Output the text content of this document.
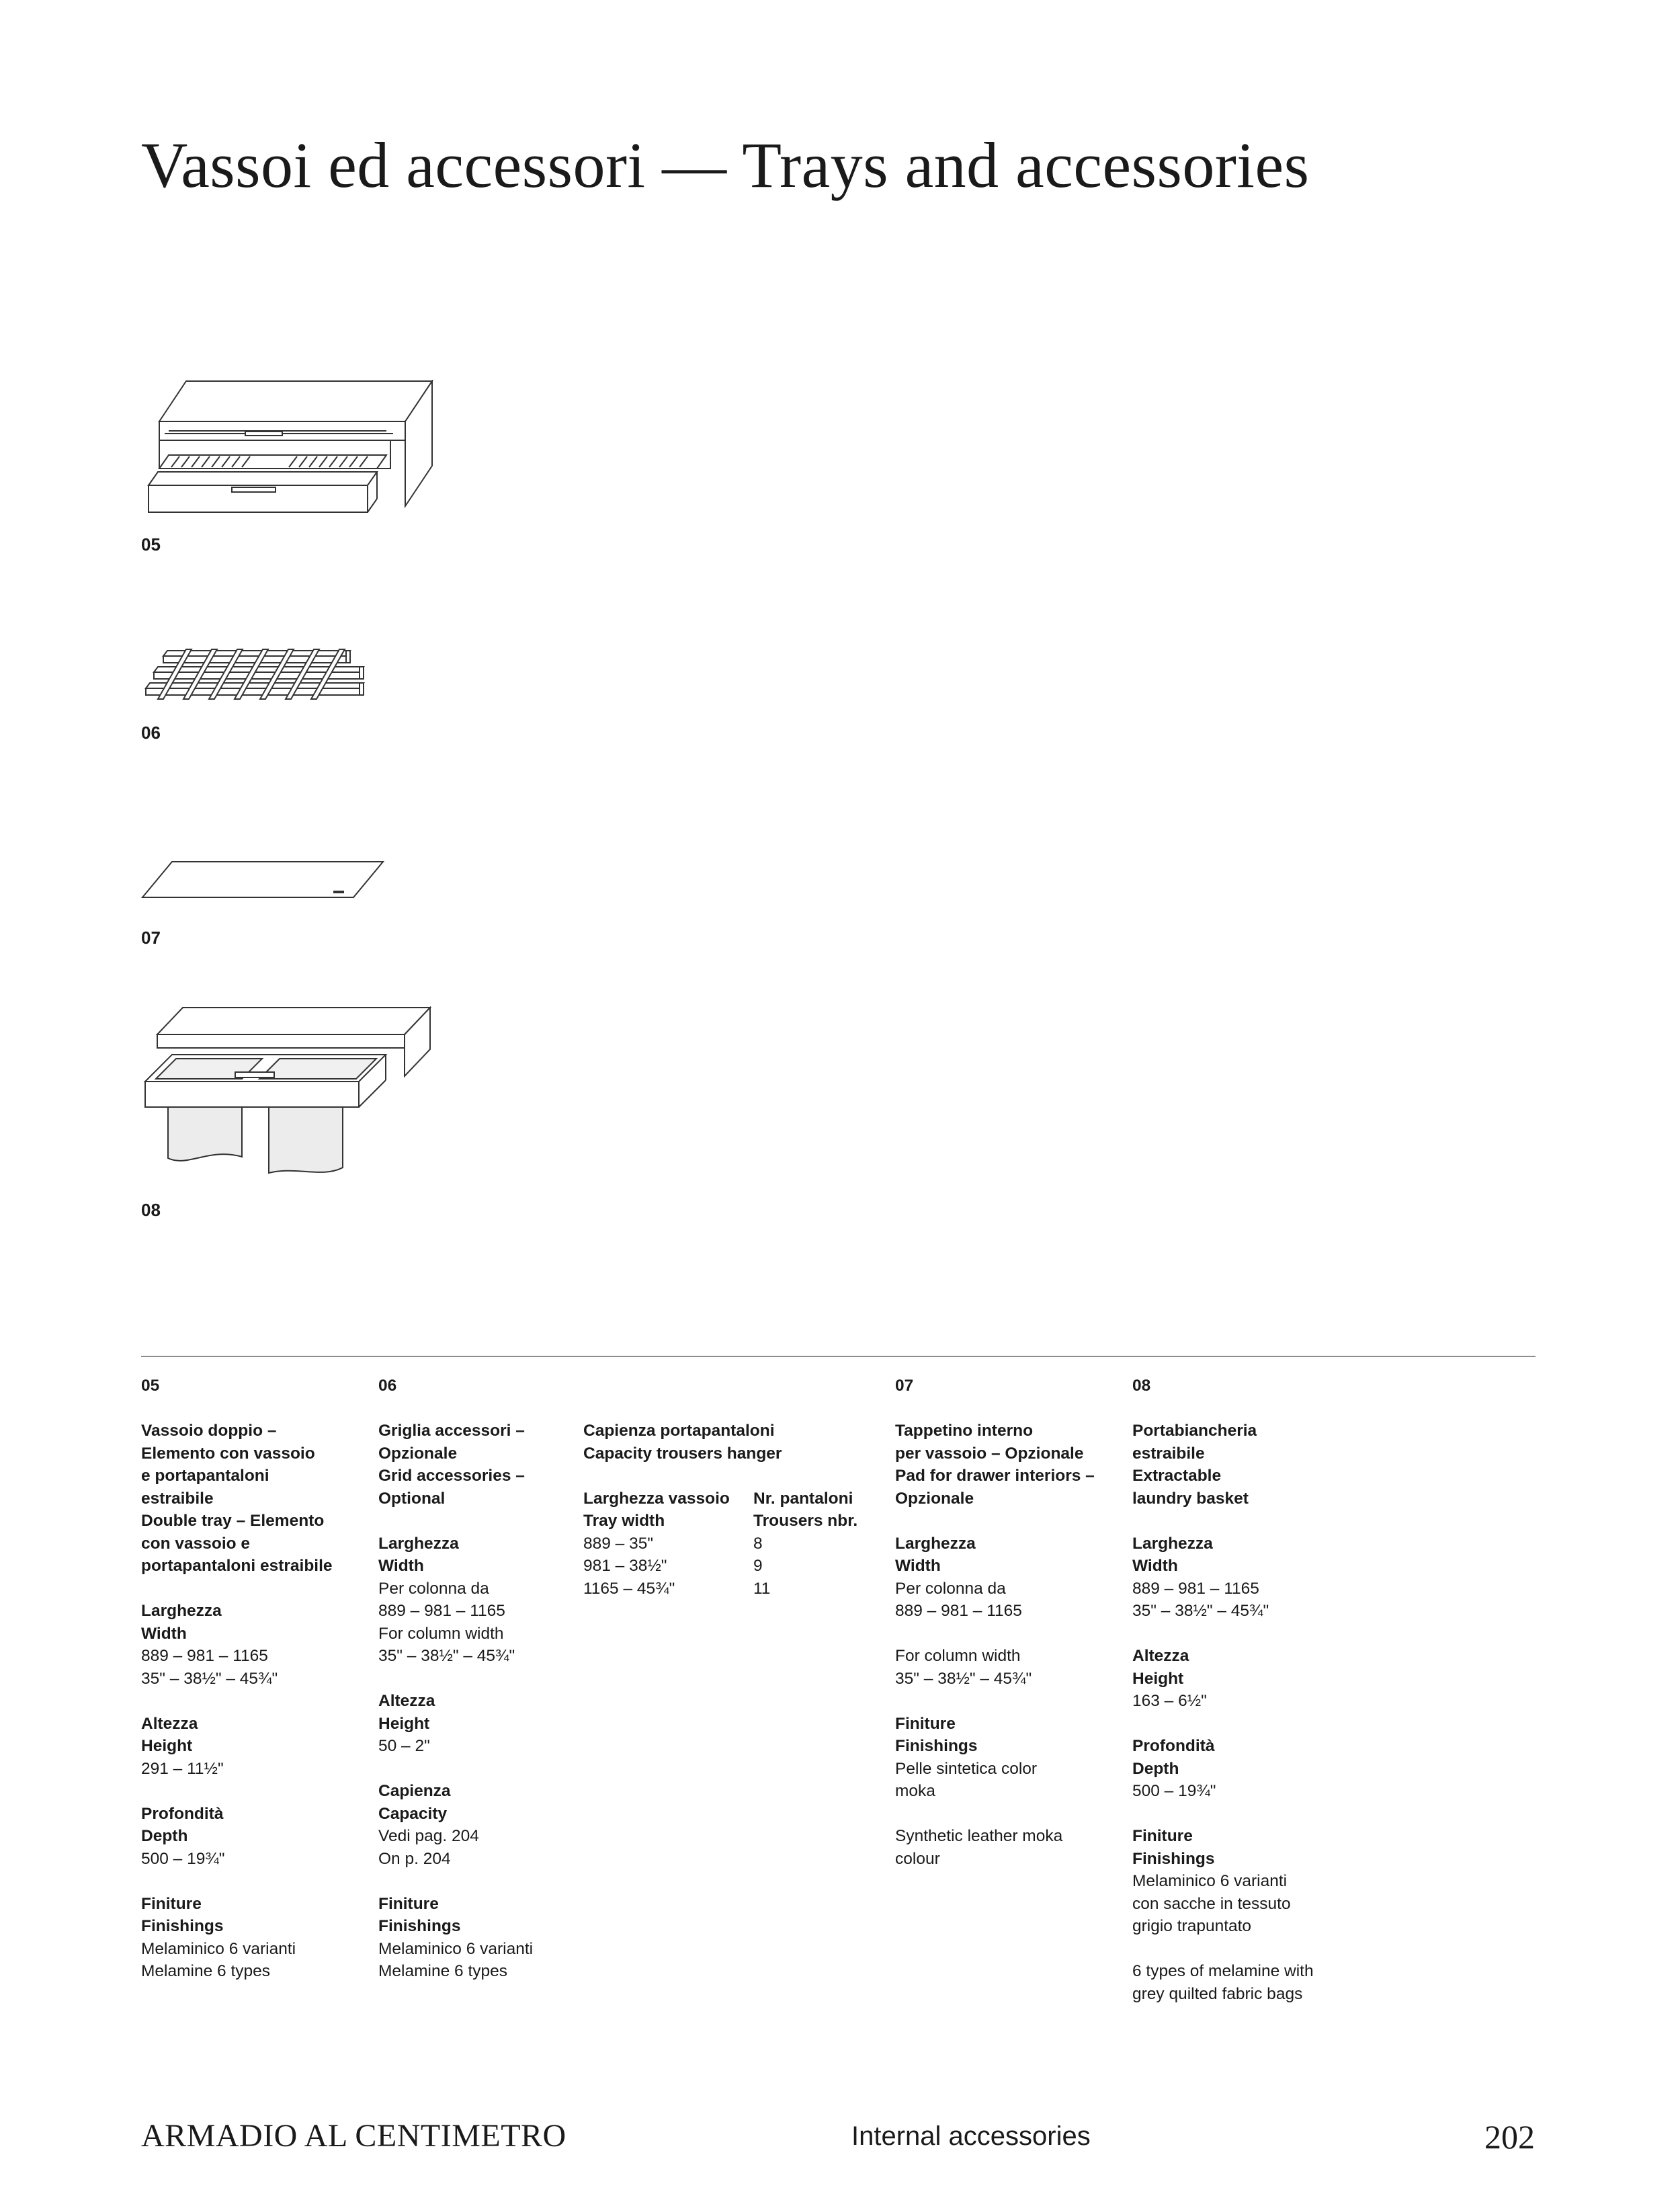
Vassoi ed accessori — Trays and accessories
05
06
07
08

05

Vassoio doppio –

Elemento con vassoio

e portapantaloni

estraibile

Double tray – Elemento

con vassoio e

portapantaloni estraibile

Larghezza

Width

889 – 981 – 1165

35" – 38½" – 45¾"

Altezza

Height

291 – 11½"

Profondità

Depth

500 – 19¾"

Finiture

Finishings

Melaminico 6 varianti

Melamine 6 types

06

Griglia accessori –

Opzionale

Grid accessories –

Optional

Larghezza

Width

Per colonna da

889 – 981 – 1165

For column width

35" – 38½" – 45¾"

Altezza

Height

50 – 2"

Capienza

Capacity

Vedi pag. 204

On p. 204

Finiture

Finishings

Melaminico 6 varianti

Melamine 6 types

Capienza portapantaloni

Capacity trousers hanger

Larghezza vassoio

Tray width

889 – 35"

981 – 38½"

1165 – 45¾"

Nr. pantaloni

Trousers nbr.

8

9

11

07

Tappetino interno

per vassoio – Opzionale

Pad for drawer interiors –

Opzionale

Larghezza

Width

Per colonna da

889 – 981 – 1165

For column width

35" – 38½" – 45¾"

Finiture

Finishings

Pelle sintetica color

moka

Synthetic leather moka

colour

08

Portabiancheria

estraibile

Extractable

laundry basket

Larghezza

Width

889 – 981 – 1165

35" – 38½" – 45¾"

Altezza

Height

163 – 6½"

Profondità

Depth

500 – 19¾"

Finiture

Finishings

Melaminico 6 varianti

con sacche in tessuto

grigio trapuntato

6 types of melamine with

grey quilted fabric bags

ARMADIO AL CENTIMETRO	Internal accessories	202
